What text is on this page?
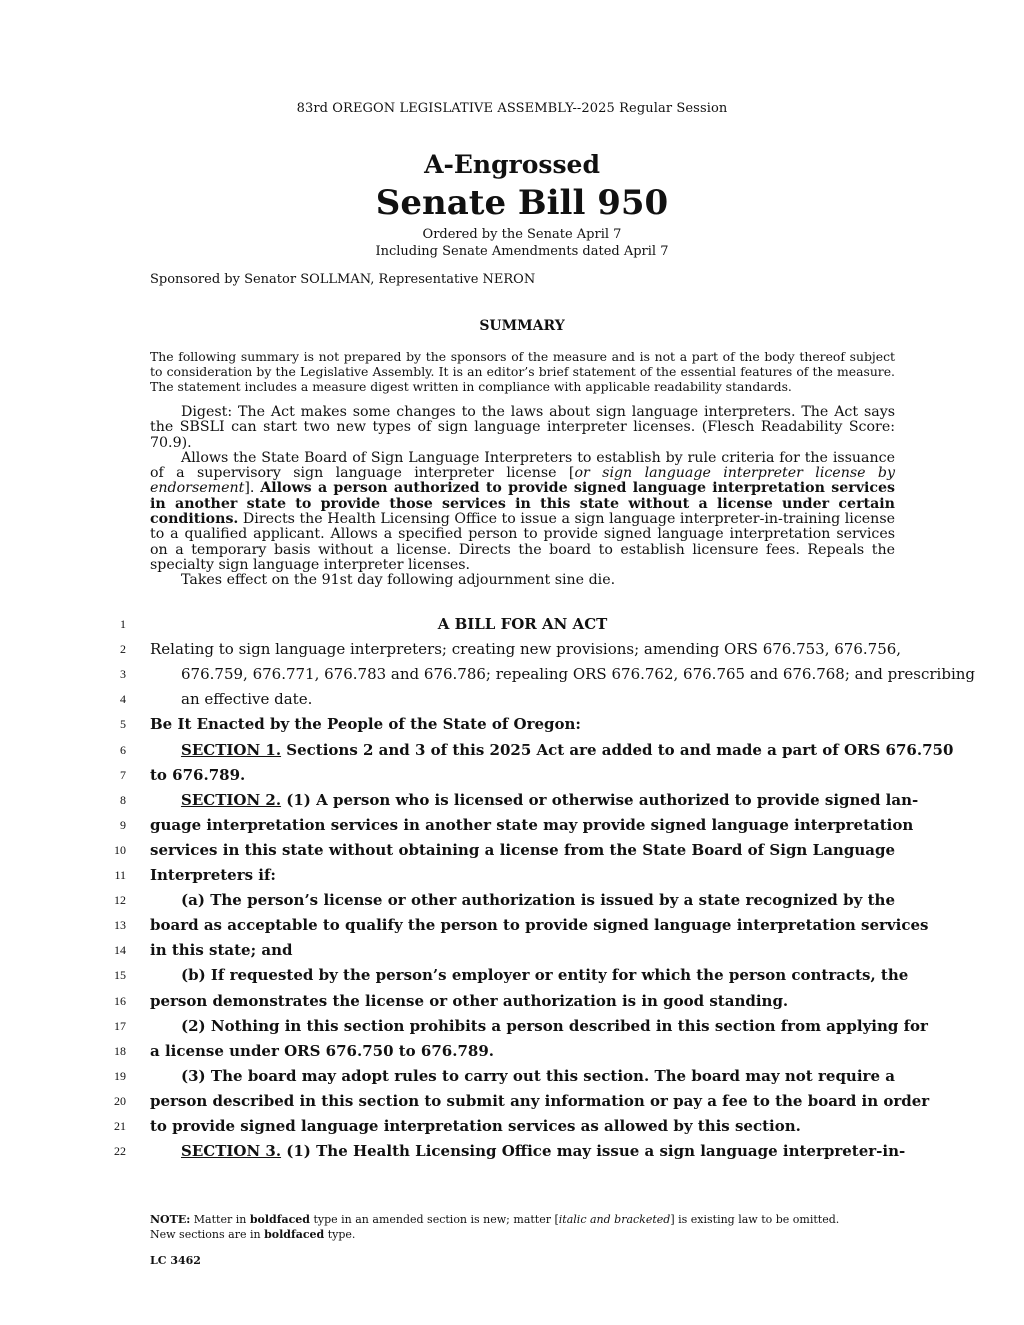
83rd OREGON LEGISLATIVE ASSEMBLY--2025 Regular Session
A-Engrossed
Senate Bill 950
Ordered by the Senate April 7
Including Senate Amendments dated April 7
Sponsored by Senator SOLLMAN, Representative NERON
SUMMARY
The following summary is not prepared by the sponsors of the measure and is not a part of the body thereof subject to consideration by the Legislative Assembly. It is an editor’s brief statement of the essential features of the measure. The statement includes a measure digest written in compliance with applicable readability standards.

Digest: The Act makes some changes to the laws about sign language interpreters. The Act says the SBSLI can start two new types of sign language interpreter licenses. (Flesch Readability Score: 70.9).

Allows the State Board of Sign Language Interpreters to establish by rule criteria for the issuance of a supervisory sign language interpreter license [or sign language interpreter license by endorsement]. Allows a person authorized to provide signed language interpretation services in another state to provide those services in this state without a license under certain conditions. Directs the Health Licensing Office to issue a sign language interpreter-in-training license to a qualified applicant. Allows a specified person to provide signed language interpretation services on a temporary basis without a license. Directs the board to establish licensure fees. Repeals the specialty sign language interpreter licenses.

Takes effect on the 91st day following adjournment sine die.

1	A BILL FOR AN ACT
2 Relating to sign language interpreters; creating new provisions; amending ORS 676.753, 676.756,
3	676.759, 676.771, 676.783 and 676.786; repealing ORS 676.762, 676.765 and 676.768; and prescribing
4	an effective date.
5 Be It Enacted by the People of the State of Oregon:
6	SECTION 1. Sections 2 and 3 of this 2025 Act are added to and made a part of ORS 676.750
7 to 676.789.
8	SECTION 2. (1) A person who is licensed or otherwise authorized to provide signed lan-
9 guage interpretation services in another state may provide signed language interpretation
10 services in this state without obtaining a license from the State Board of Sign Language
11 Interpreters if:
12	(a) The person’s license or other authorization is issued by a state recognized by the
13 board as acceptable to qualify the person to provide signed language interpretation services
14 in this state; and
15	(b) If requested by the person’s employer or entity for which the person contracts, the
16 person demonstrates the license or other authorization is in good standing.
17	(2) Nothing in this section prohibits a person described in this section from applying for
18 a license under ORS 676.750 to 676.789.
19	(3) The board may adopt rules to carry out this section. The board may not require a
20 person described in this section to submit any information or pay a fee to the board in order
21 to provide signed language interpretation services as allowed by this section.
22	SECTION 3. (1) The Health Licensing Office may issue a sign language interpreter-in-
NOTE: Matter in boldfaced type in an amended section is new; matter [italic and bracketed] is existing law to be omitted.
New sections are in boldfaced type.
LC 3462
